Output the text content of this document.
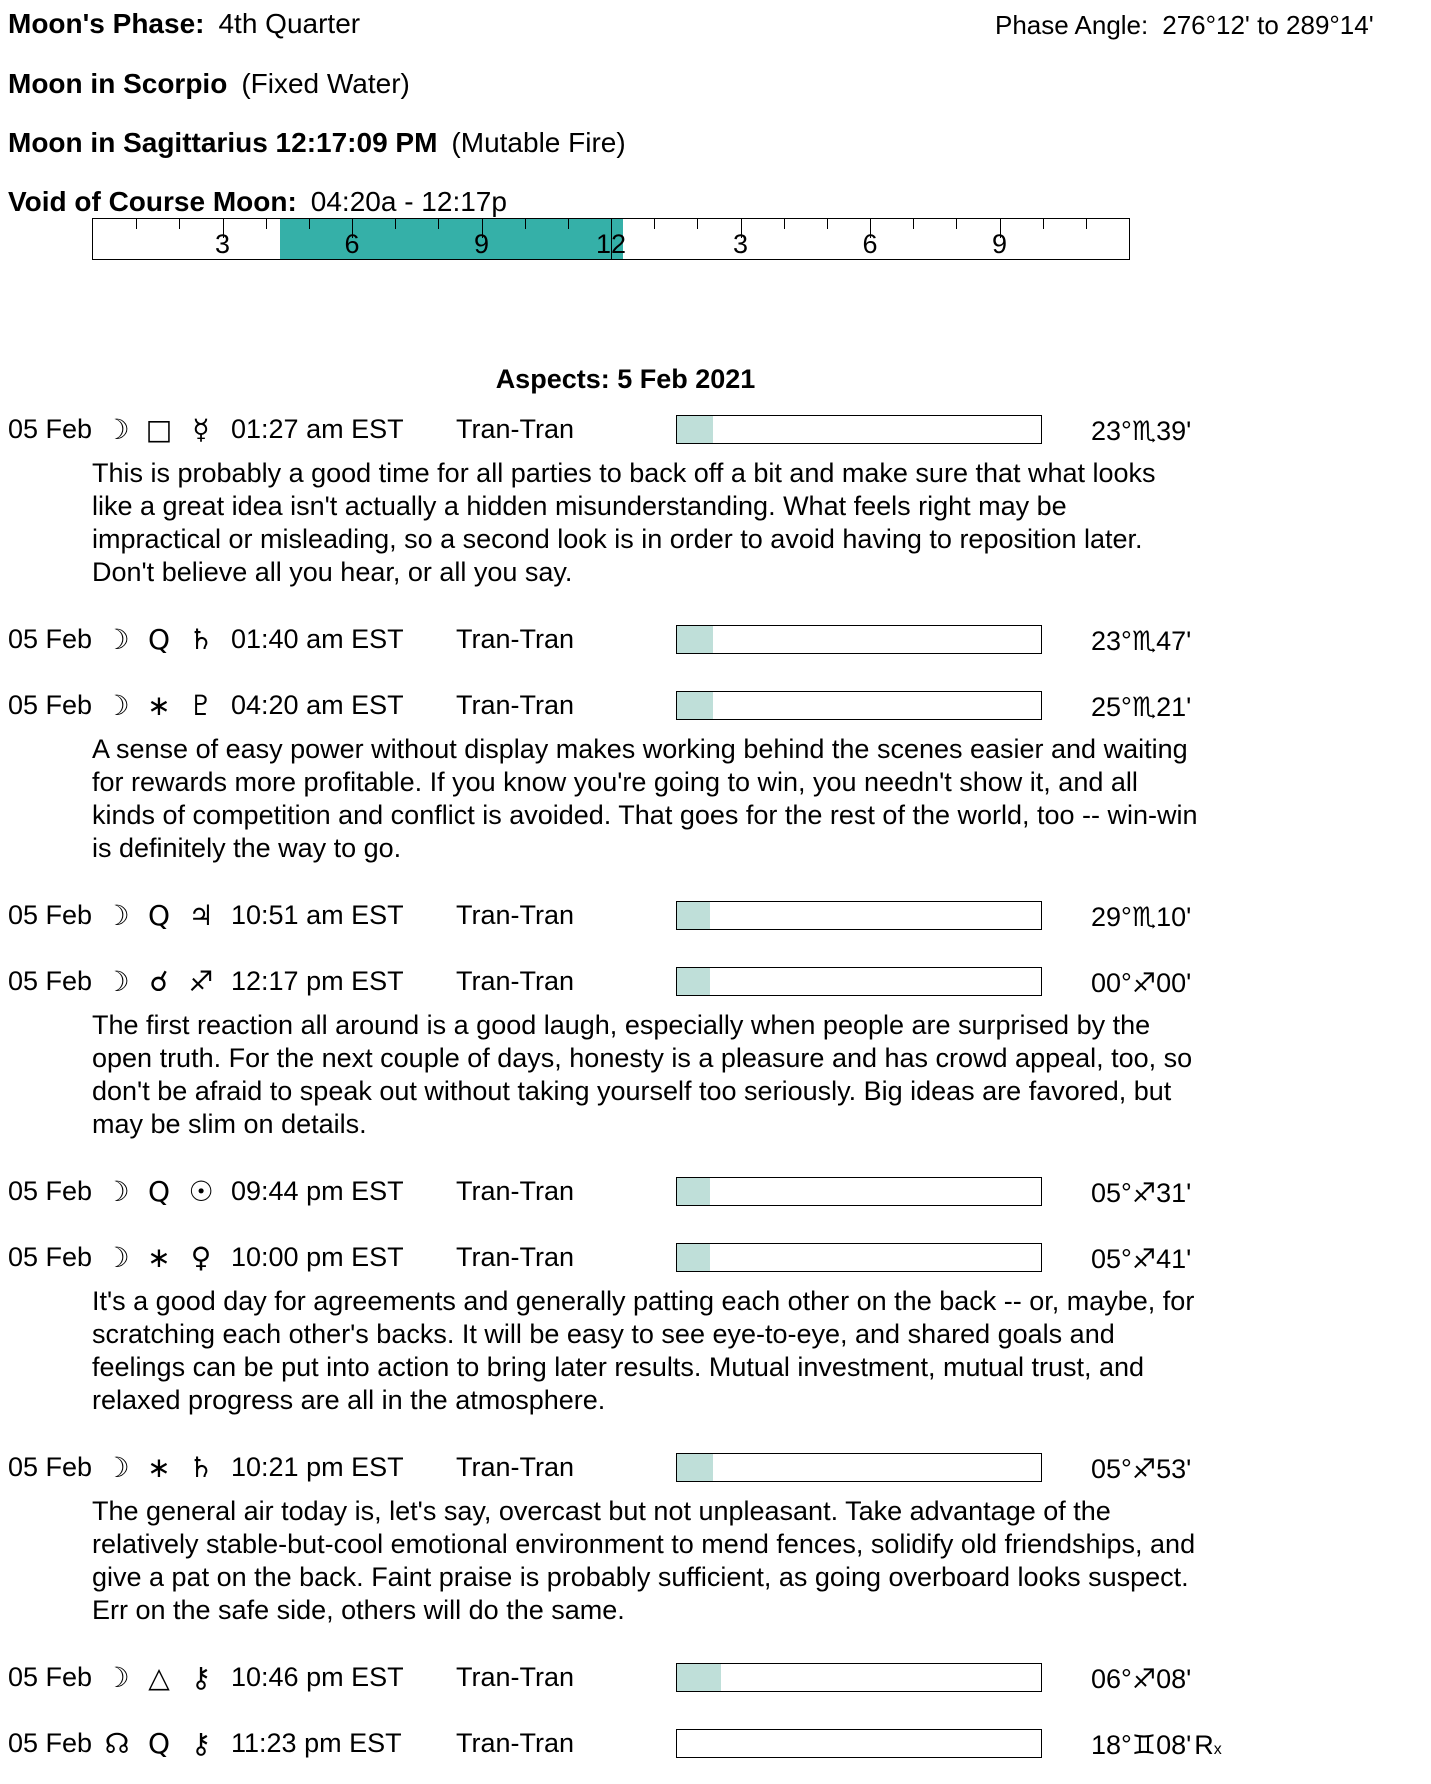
Moon's Phase: 4th Quarter	Phase Angle: 276°12' to 289°14'
Moon in Scorpio (Fixed Water)
Moon in Sagittarius 12:17:09 PM (Mutable Fire)
Void of Course Moon: 04:20a - 12:17p
3	6	9	12	3	6	9
Aspects: 5 Feb 2021
05 Feb ☽ □ ☿ 01:27 am EST	Tran-Tran	23°♏39'
This is probably a good time for all parties to back off a bit and make sure that what looks like a great idea isn't actually a hidden misunderstanding. What feels right may be impractical or misleading, so a second look is in order to avoid having to reposition later. Don't believe all you hear, or all you say.
05 Feb ☽ Q ♄ 01:40 am EST	Tran-Tran	23°♏47'
05 Feb ☽ ∗ ♇ 04:20 am EST	Tran-Tran	25°♏21'
A sense of easy power without display makes working behind the scenes easier and waiting for rewards more profitable. If you know you're going to win, you needn't show it, and all kinds of competition and conflict is avoided. That goes for the rest of the world, too -- win-win is definitely the way to go.
05 Feb ☽ Q ♃ 10:51 am EST	Tran-Tran	29°♏10'
05 Feb ☽ ☌ ♐ 12:17 pm EST	Tran-Tran	00°♐00'
The first reaction all around is a good laugh, especially when people are surprised by the open truth. For the next couple of days, honesty is a pleasure and has crowd appeal, too, so don't be afraid to speak out without taking yourself too seriously. Big ideas are favored, but may be slim on details.
05 Feb ☽ Q ☉ 09:44 pm EST	Tran-Tran	05°♐31'
05 Feb ☽ ∗ ♀ 10:00 pm EST	Tran-Tran	05°♐41'
It's a good day for agreements and generally patting each other on the back -- or, maybe, for scratching each other's backs. It will be easy to see eye-to-eye, and shared goals and feelings can be put into action to bring later results. Mutual investment, mutual trust, and relaxed progress are all in the atmosphere.
05 Feb ☽ ∗ ♄ 10:21 pm EST	Tran-Tran	05°♐53'
The general air today is, let's say, overcast but not unpleasant. Take advantage of the relatively stable-but-cool emotional environment to mend fences, solidify old friendships, and give a pat on the back. Faint praise is probably sufficient, as going overboard looks suspect. Err on the safe side, others will do the same.
05 Feb ☽ △ ⚷ 10:46 pm EST	Tran-Tran	06°♐08'
05 Feb ☊ Q ⚷ 11:23 pm EST	Tran-Tran	18°♊08' Rx
